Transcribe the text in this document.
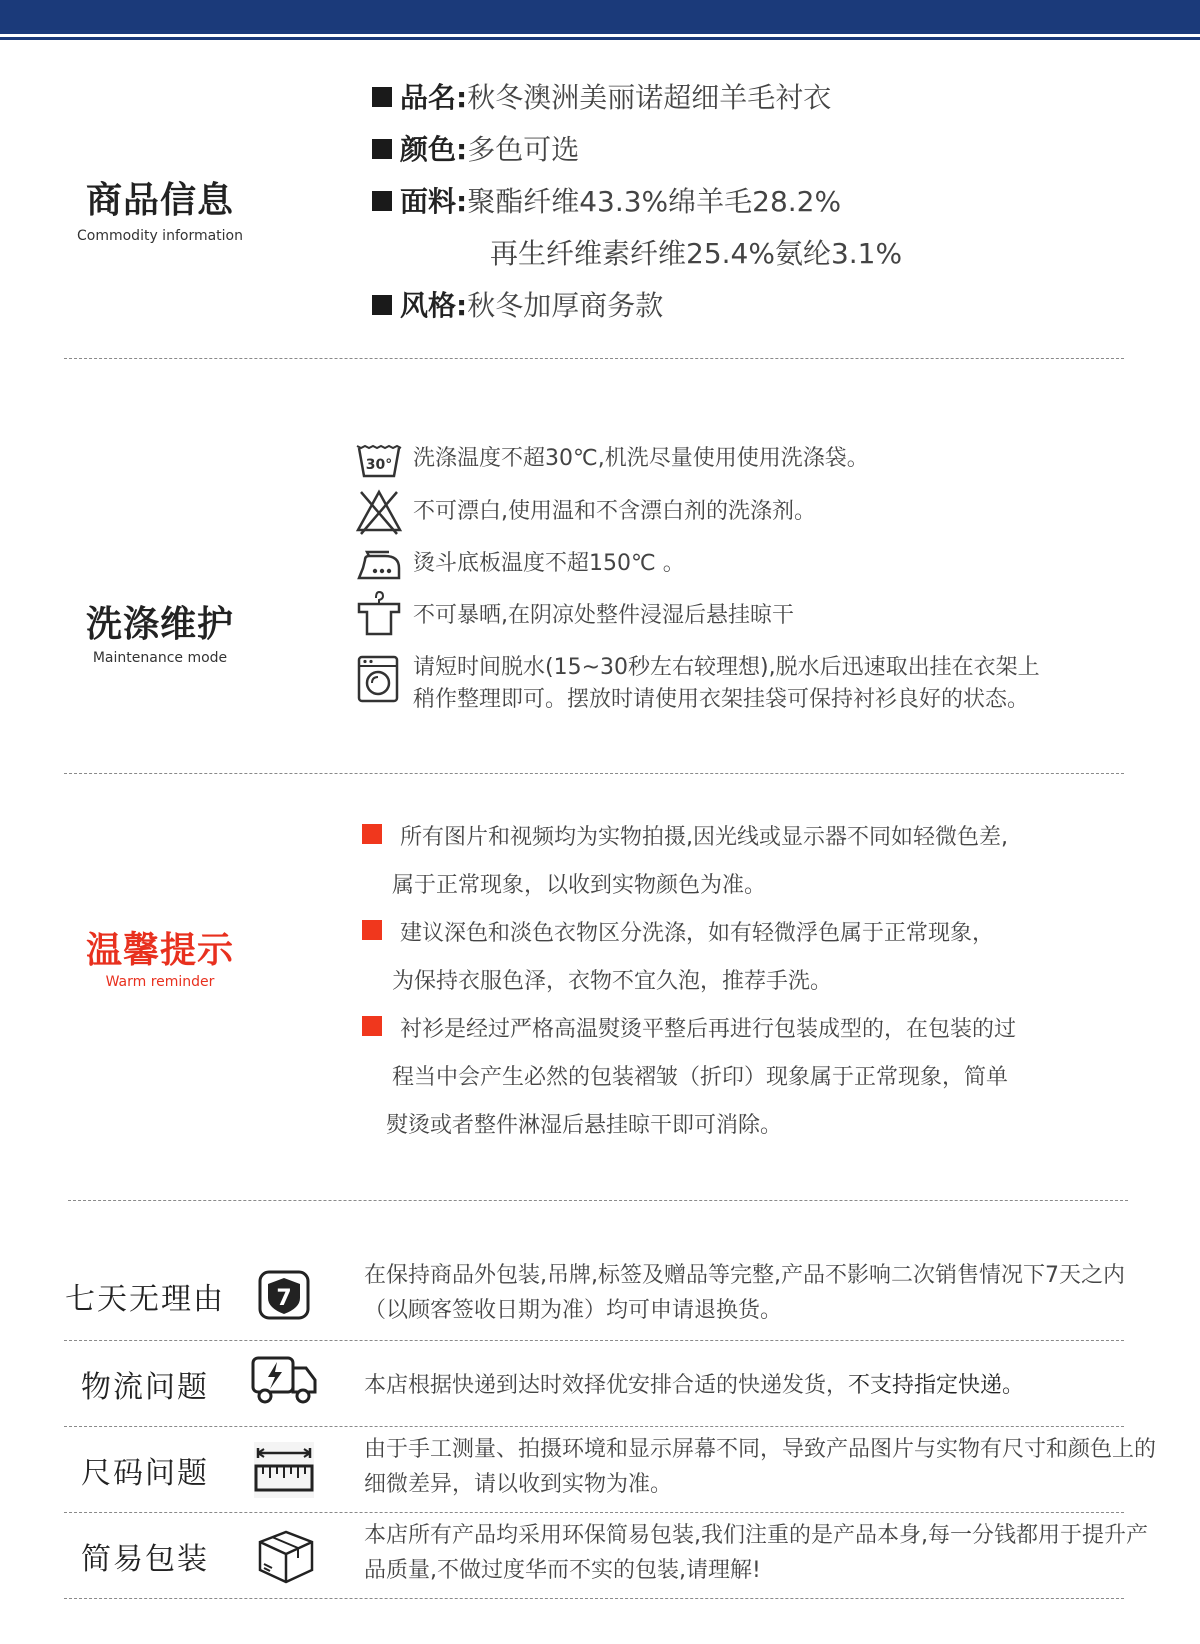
商品信息
Commodity information
品名:秋冬澳洲美丽诺超细羊毛衬衣
颜色:多色可选
面料:聚酯纤维43.3%绵羊毛28.2%
再生纤维素纤维25.4%氨纶3.1%
风格:秋冬加厚商务款
洗涤维护
Maintenance mode
30° 洗涤温度不超30℃,机洗尽量使用使用洗涤袋。
不可漂白,使用温和不含漂白剂的洗涤剂。
烫斗底板温度不超150℃ 。
不可暴晒,在阴凉处整件浸湿后悬挂晾干
请短时间脱水(15~30秒左右较理想),脱水后迅速取出挂在衣架上
稍作整理即可。摆放时请使用衣架挂袋可保持衬衫良好的状态。
温馨提示
Warm reminder
所有图片和视频均为实物拍摄,因光线或显示器不同如轻微色差,
属于正常现象，以收到实物颜色为准。
建议深色和淡色衣物区分洗涤，如有轻微浮色属于正常现象，
为保持衣服色泽，衣物不宜久泡，推荐手洗。
衬衫是经过严格高温熨烫平整后再进行包装成型的，在包装的过
程当中会产生必然的包装褶皱（折印）现象属于正常现象，简单
熨烫或者整件淋湿后悬挂晾干即可消除。
七天无理由 7
在保持商品外包装,吊牌,标签及赠品等完整,产品不影响二次销售情况下7天之内（以顾客签收日期为准）均可申请退换货。
物流问题	本店根据快递到达时效择优安排合适的快递发货，不支持指定快递。
尺码问题
由于手工测量、拍摄环境和显示屏幕不同，导致产品图片与实物有尺寸和颜色上的细微差异，请以收到实物为准。
简易包装
本店所有产品均采用环保简易包装,我们注重的是产品本身,每一分钱都用于提升产品质量,不做过度华而不实的包装,请理解!
